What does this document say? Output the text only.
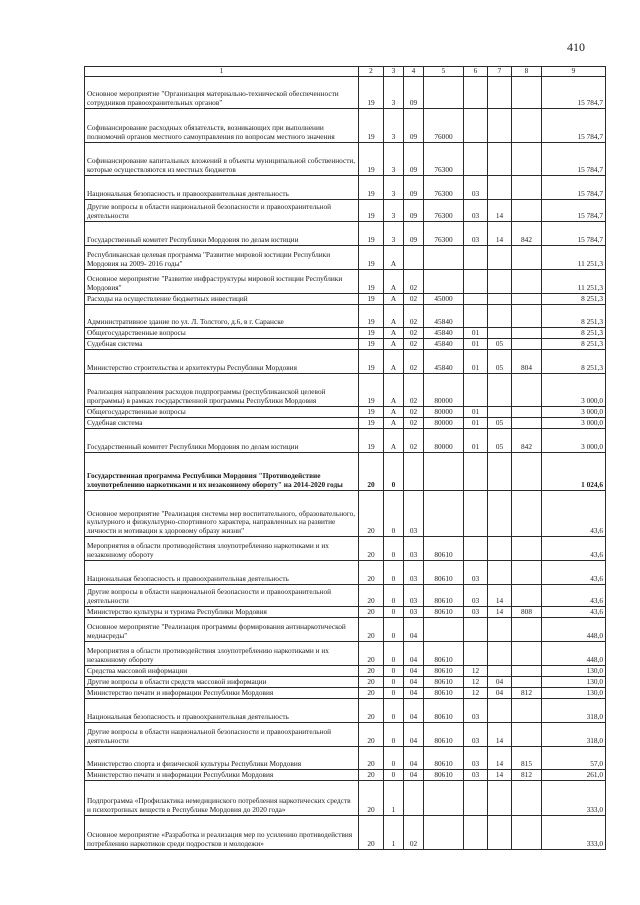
410
1	2	3	4	5	6	7	8	9
Основное мероприятие "Организация материально-технической обеспеченности сотрудников правоохранительных органов"	19	3	09					15 784,7
Софинансирование расходных обязательств, возникающих при выполнении полномочий органов местного самоуправления по вопросам местного значения	19	3	09	76000				15 784,7
Софинансирование капитальных вложений в объекты муниципальной собственности, которые осуществляются из местных бюджетов	19	3	09	76300				15 784,7
Национальная безопасность и правоохранительная деятельность	19	3	09	76300	03			15 784,7
Другие вопросы в области национальной безопасности и правоохранительной деятельности	19	3	09	76300	03	14		15 784,7
Государственный комитет Республики Мордовия по делам юстиции	19	3	09	76300	03	14	842	15 784,7
Республиканская целевая программа "Развитие мировой юстиции Республики Мордовия на 2009- 2016 годы"	19	А						11 251,3
Основное мероприятие "Развитие инфраструктуры мировой юстиции Республики Мордовия"	19	А	02					11 251,3
Расходы на осуществление бюджетных инвестиций	19	А	02	45000				8 251,3
Административное здание по ул. Л. Толстого, д.6, в г. Саранске	19	А	02	45840				8 251,3
Общегосударственные вопросы	19	А	02	45840	01			8 251,3
Судебная система	19	А	02	45840	01	05		8 251,3
Министерство строительства и архитектуры Республики Мордовия	19	А	02	45840	01	05	804	8 251,3
Реализация направления расходов подпрограммы (республиканской целевой программы) в рамках государственной программы Республики Мордовия	19	А	02	80000				3 000,0
Общегосударственные вопросы	19	А	02	80000	01			3 000,0
Судебная система	19	А	02	80000	01	05		3 000,0
Государственный комитет Республики Мордовия по делам юстиции	19	А	02	80000	01	05	842	3 000,0
Государственная программа Республики Мордовия "Противодействие злоупотреблению наркотиками и их незаконному обороту" на 2014-2020 годы	20	0						1 024,6
Основное мероприятие "Реализация системы мер воспитательного, образовательного, культурного и физкультурно-спортивного характера, направленных на развитие личности и мотивации к здоровому образу жизни"	20	0	03					43,6
Мероприятия в области противодействия злоупотреблению наркотиками и их незаконному обороту	20	0	03	80610				43,6
Национальная безопасность и правоохранительная деятельность	20	0	03	80610	03			43,6
Другие вопросы в области национальной безопасности и правоохранительной деятельности	20	0	03	80610	03	14		43,6
Министерство культуры и туризма Республики Мордовия	20	0	03	80610	03	14	808	43,6
Основное мероприятие "Реализация программы формирования антинаркотической медиасреды"	20	0	04					448,0
Мероприятия в области противодействия злоупотреблению наркотиками и их незаконному обороту	20	0	04	80610				448,0
Средства массовой информации	20	0	04	80610	12			130,0
Другие вопросы в области средств массовой информации	20	0	04	80610	12	04		130,0
Министерство печати и информации Республики Мордовия	20	0	04	80610	12	04	812	130,0
Национальная безопасность и правоохранительная деятельность	20	0	04	80610	03			318,0
Другие вопросы в области национальной безопасности и правоохранительной деятельности	20	0	04	80610	03	14		318,0
Министерство спорта и физической культуры Республики Мордовия	20	0	04	80610	03	14	815	57,0
Министерство печати и информации Республики Мордовия	20	0	04	80610	03	14	812	261,0
Подпрограмма «Профилактика немедицинского потребления наркотических средств и психотропных веществ в Республике Мордовия до 2020 года»	20	1						333,0
Основное мероприятие «Разработка и реализация мер по усилению противодействия потреблению наркотиков среди подростков и молодежи»	20	1	02					333,0
